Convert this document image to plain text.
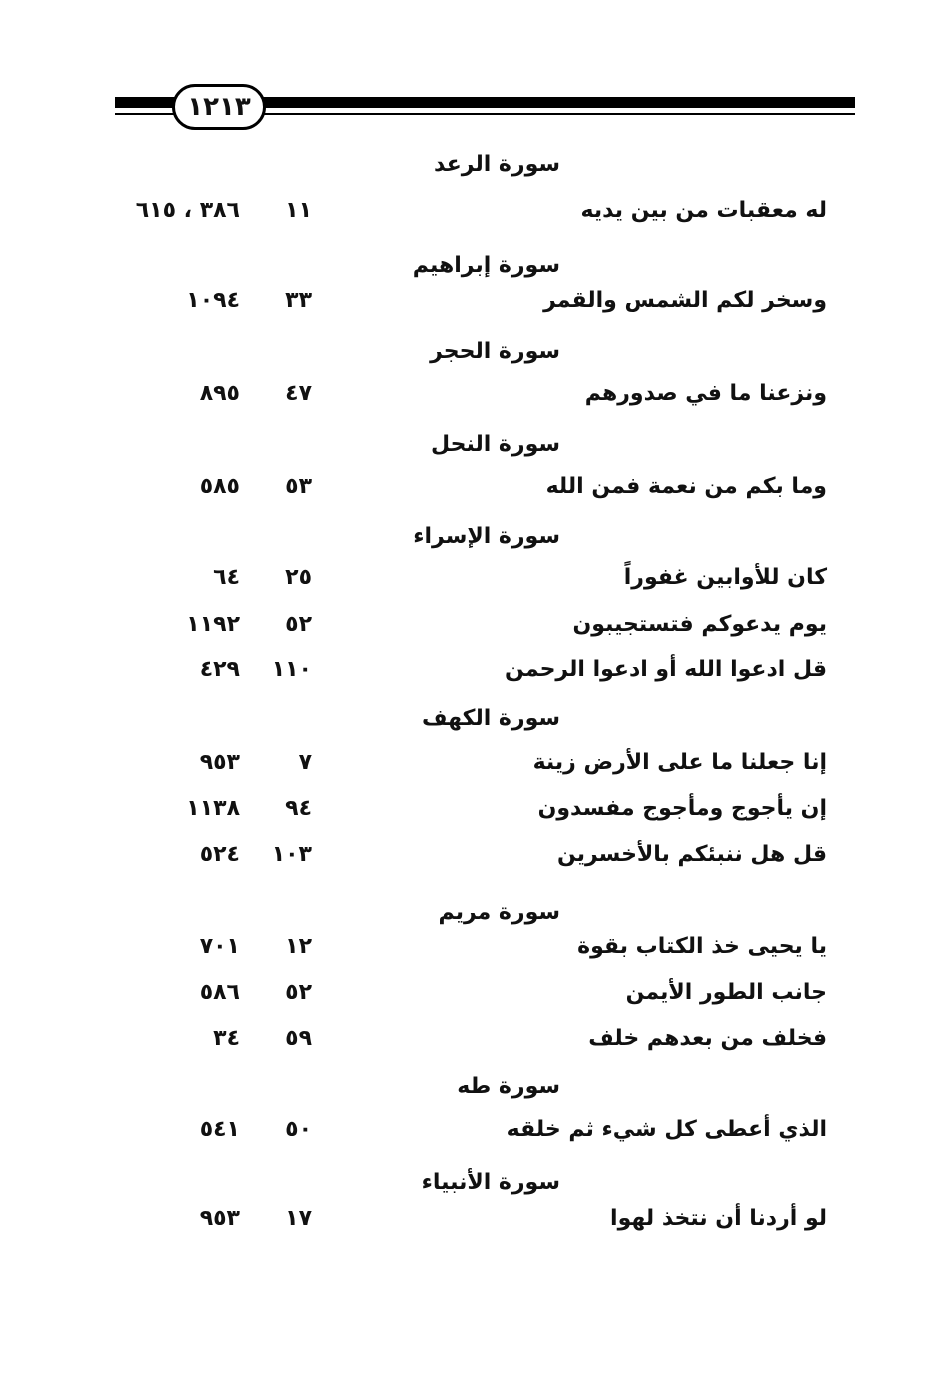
١٢١٣
سورة الرعد
له معقبات من بين يديه
١١
٣٨٦ ، ٦١٥
سورة إبراهيم
وسخر لكم الشمس والقمر
٣٣
١٠٩٤
سورة الحجر
ونزعنا ما في صدورهم
٤٧
٨٩٥
سورة النحل
وما بكم من نعمة فمن الله
٥٣
٥٨٥
سورة الإسراء
كان للأوابين غفوراً
٢٥
٦٤
يوم يدعوكم فتستجيبون
٥٢
١١٩٢
قل ادعوا الله أو ادعوا الرحمن
١١٠
٤٢٩
سورة الكهف
إنا جعلنا ما على الأرض زينة
٧
٩٥٣
إن يأجوج ومأجوج مفسدون
٩٤
١١٣٨
قل هل ننبئكم بالأخسرين
١٠٣
٥٢٤
سورة مريم
يا يحيى خذ الكتاب بقوة
١٢
٧٠١
جانب الطور الأيمن
٥٢
٥٨٦
فخلف من بعدهم خلف
٥٩
٣٤
سورة طه
الذي أعطى كل شيء ثم خلقه
٥٠
٥٤١
سورة الأنبياء
لو أردنا أن نتخذ لهوا
١٧
٩٥٣
